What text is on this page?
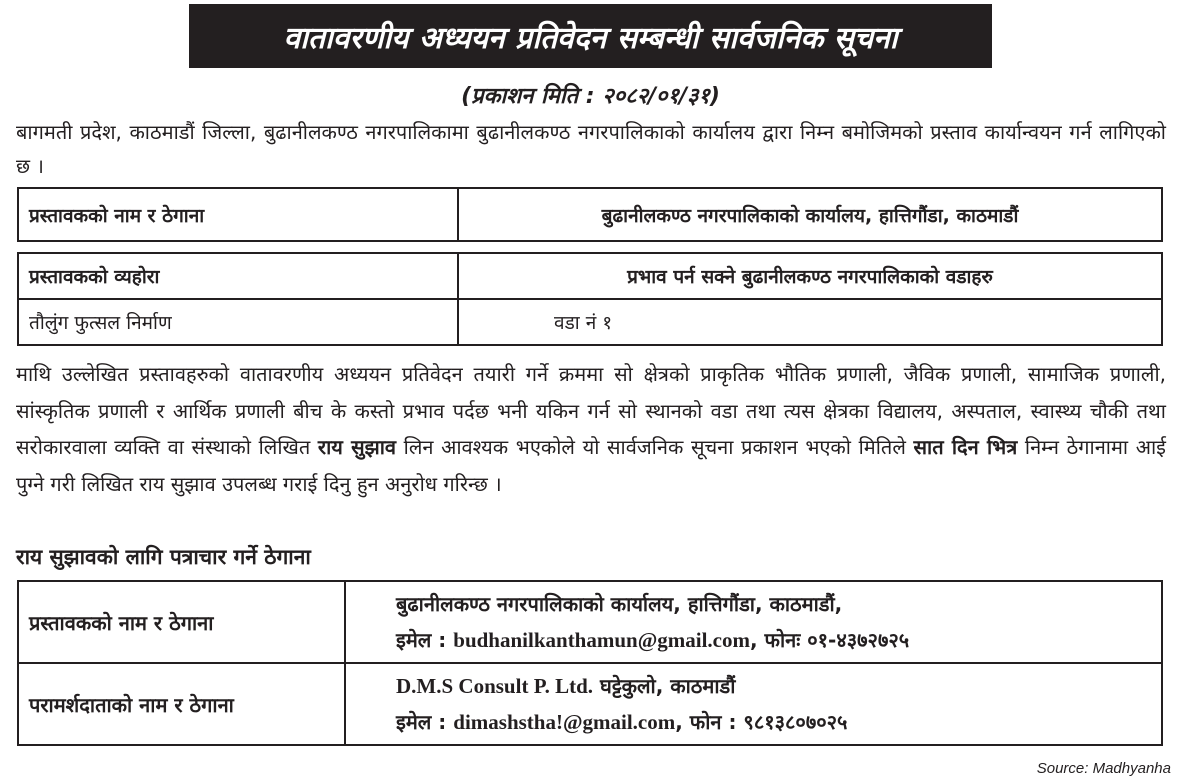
वातावरणीय अध्ययन प्रतिवेदन सम्बन्धी सार्वजनिक सूचना
(प्रकाशन मिति : २०८२/०१/३१)
बागमती प्रदेश, काठमाडौं जिल्ला, बुढानीलकण्ठ नगरपालिकामा बुढानीलकण्ठ नगरपालिकाको कार्यालय द्वारा निम्न बमोजिमको प्रस्ताव कार्यान्वयन गर्न लागिएको छ ।
प्रस्तावकको नाम र ठेगाना	बुढानीलकण्ठ नगरपालिकाको कार्यालय, हात्तिगौंडा, काठमाडौं
प्रस्तावकको व्यहोरा	प्रभाव पर्न सक्ने बुढानीलकण्ठ नगरपालिकाको वडाहरु
तौलुंग फुत्सल निर्माण	वडा नं १
माथि उल्लेखित प्रस्तावहरुको वातावरणीय अध्ययन प्रतिवेदन तयारी गर्ने क्रममा सो क्षेत्रको प्राकृतिक भौतिक प्रणाली, जैविक प्रणाली, सामाजिक प्रणाली, सांस्कृतिक प्रणाली र आर्थिक प्रणाली बीच के कस्तो प्रभाव पर्दछ भनी यकिन गर्न सो स्थानको वडा तथा त्यस क्षेत्रका विद्यालय, अस्पताल, स्वास्थ्य चौकी तथा सरोकारवाला व्यक्ति वा संस्थाको लिखित राय सुझाव लिन आवश्यक भएकोले यो सार्वजनिक सूचना प्रकाशन भएको मितिले सात दिन भित्र निम्न ठेगानामा आई पुग्ने गरी लिखित राय सुझाव उपलब्ध गराई दिनु हुन अनुरोध गरिन्छ ।
राय सुझावको लागि पत्राचार गर्ने ठेगाना
प्रस्तावकको नाम र ठेगाना	बुढानीलकण्ठ नगरपालिकाको कार्यालय, हात्तिगौंडा, काठमाडौं,
इमेल : budhanilkanthamun@gmail.com, फोनः ०१-४३७२७२५

परामर्शदाताको नाम र ठेगाना	D.M.S Consult P. Ltd. घट्टेकुलो, काठमाडौं
इमेल : dimashstha!@gmail.com, फोन : ९८१३८०७०२५
Source: Madhyanha
